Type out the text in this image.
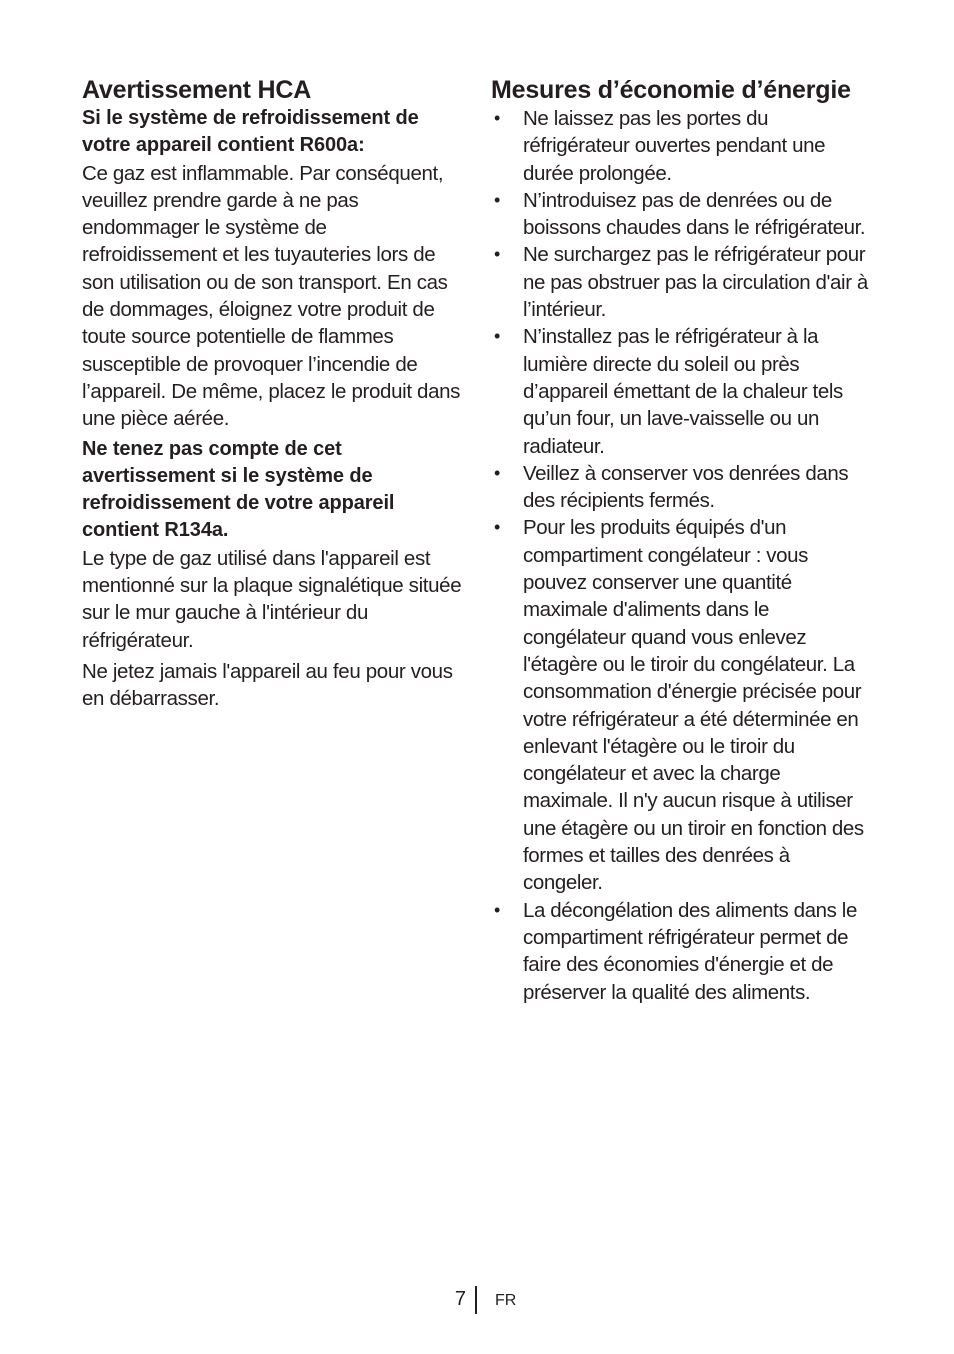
Avertissement HCA

Si le système de refroidissement de votre appareil contient R600a:

Ce gaz est inflammable. Par conséquent, veuillez prendre garde à ne pas endommager le système de refroidissement et les tuyauteries lors de son utilisation ou de son transport. En cas de dommages, éloignez votre produit de toute source potentielle de flammes susceptible de provoquer l’incendie de l’appareil. De même, placez le produit dans une pièce aérée.

Ne tenez pas compte de cet avertissement si le système de refroidissement de votre appareil contient R134a.

Le type de gaz utilisé dans l'appareil est mentionné sur la plaque signalétique située sur le mur gauche à l'intérieur du réfrigérateur.

Ne jetez jamais l'appareil au feu pour vous en débarrasser.

Mesures d’économie d’énergie
• Ne laissez pas les portes du réfrigérateur ouvertes pendant une durée prolongée.
• N’introduisez pas de denrées ou de boissons chaudes dans le réfrigérateur.
• Ne surchargez pas le réfrigérateur pour ne pas obstruer pas la circulation d'air à l’intérieur.
• N’installez pas le réfrigérateur à la lumière directe du soleil ou près d’appareil émettant de la chaleur tels qu’un four, un lave-vaisselle ou un radiateur.
• Veillez à conserver vos denrées dans des récipients fermés.
• Pour les produits équipés d'un compartiment congélateur : vous pouvez conserver une quantité maximale d'aliments dans le congélateur quand vous enlevez l'étagère ou le tiroir du congélateur. La consommation d'énergie précisée pour votre réfrigérateur a été déterminée en enlevant l'étagère ou le tiroir du congélateur et avec la charge maximale. Il n'y aucun risque à utiliser une étagère ou un tiroir en fonction des formes et tailles des denrées à congeler.
• La décongélation des aliments dans le compartiment réfrigérateur permet de faire des économies d'énergie et de préserver la qualité des aliments.
7 FR
